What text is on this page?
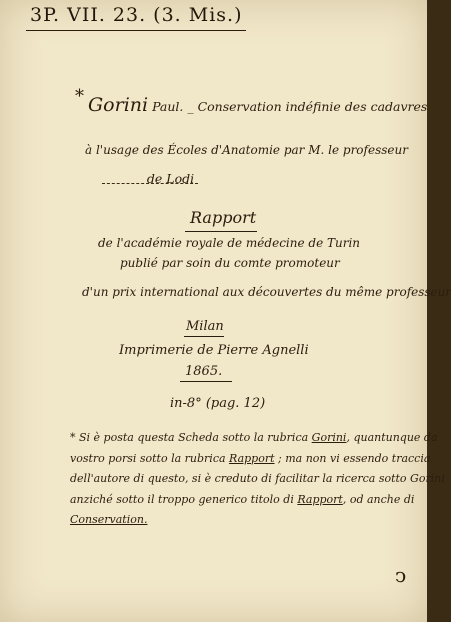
3P. VII. 23. (3. Mis.)
* Gorini Paul. _ Conservation indéfinie des cadavres
à l'usage des Écoles d'Anatomie par M. le professeur
de Lodi
Rapport
de l'académie royale de médecine de Turin
publié par soin du comte promoteur
d'un prix international aux découvertes du même professeur
Milan
Imprimerie de Pierre Agnelli
1865.
in-8° (pag. 12)
* Si è posta questa Scheda sotto la rubrica Gorini, quantunque da
vostro porsi sotto la rubrica Rapport ; ma non vi essendo traccia
dell'autore di questo, si è creduto di facilitar la ricerca sotto Gorini
anziché sotto il troppo generico titolo di Rapport, od anche di
Conservation.
ↄ
